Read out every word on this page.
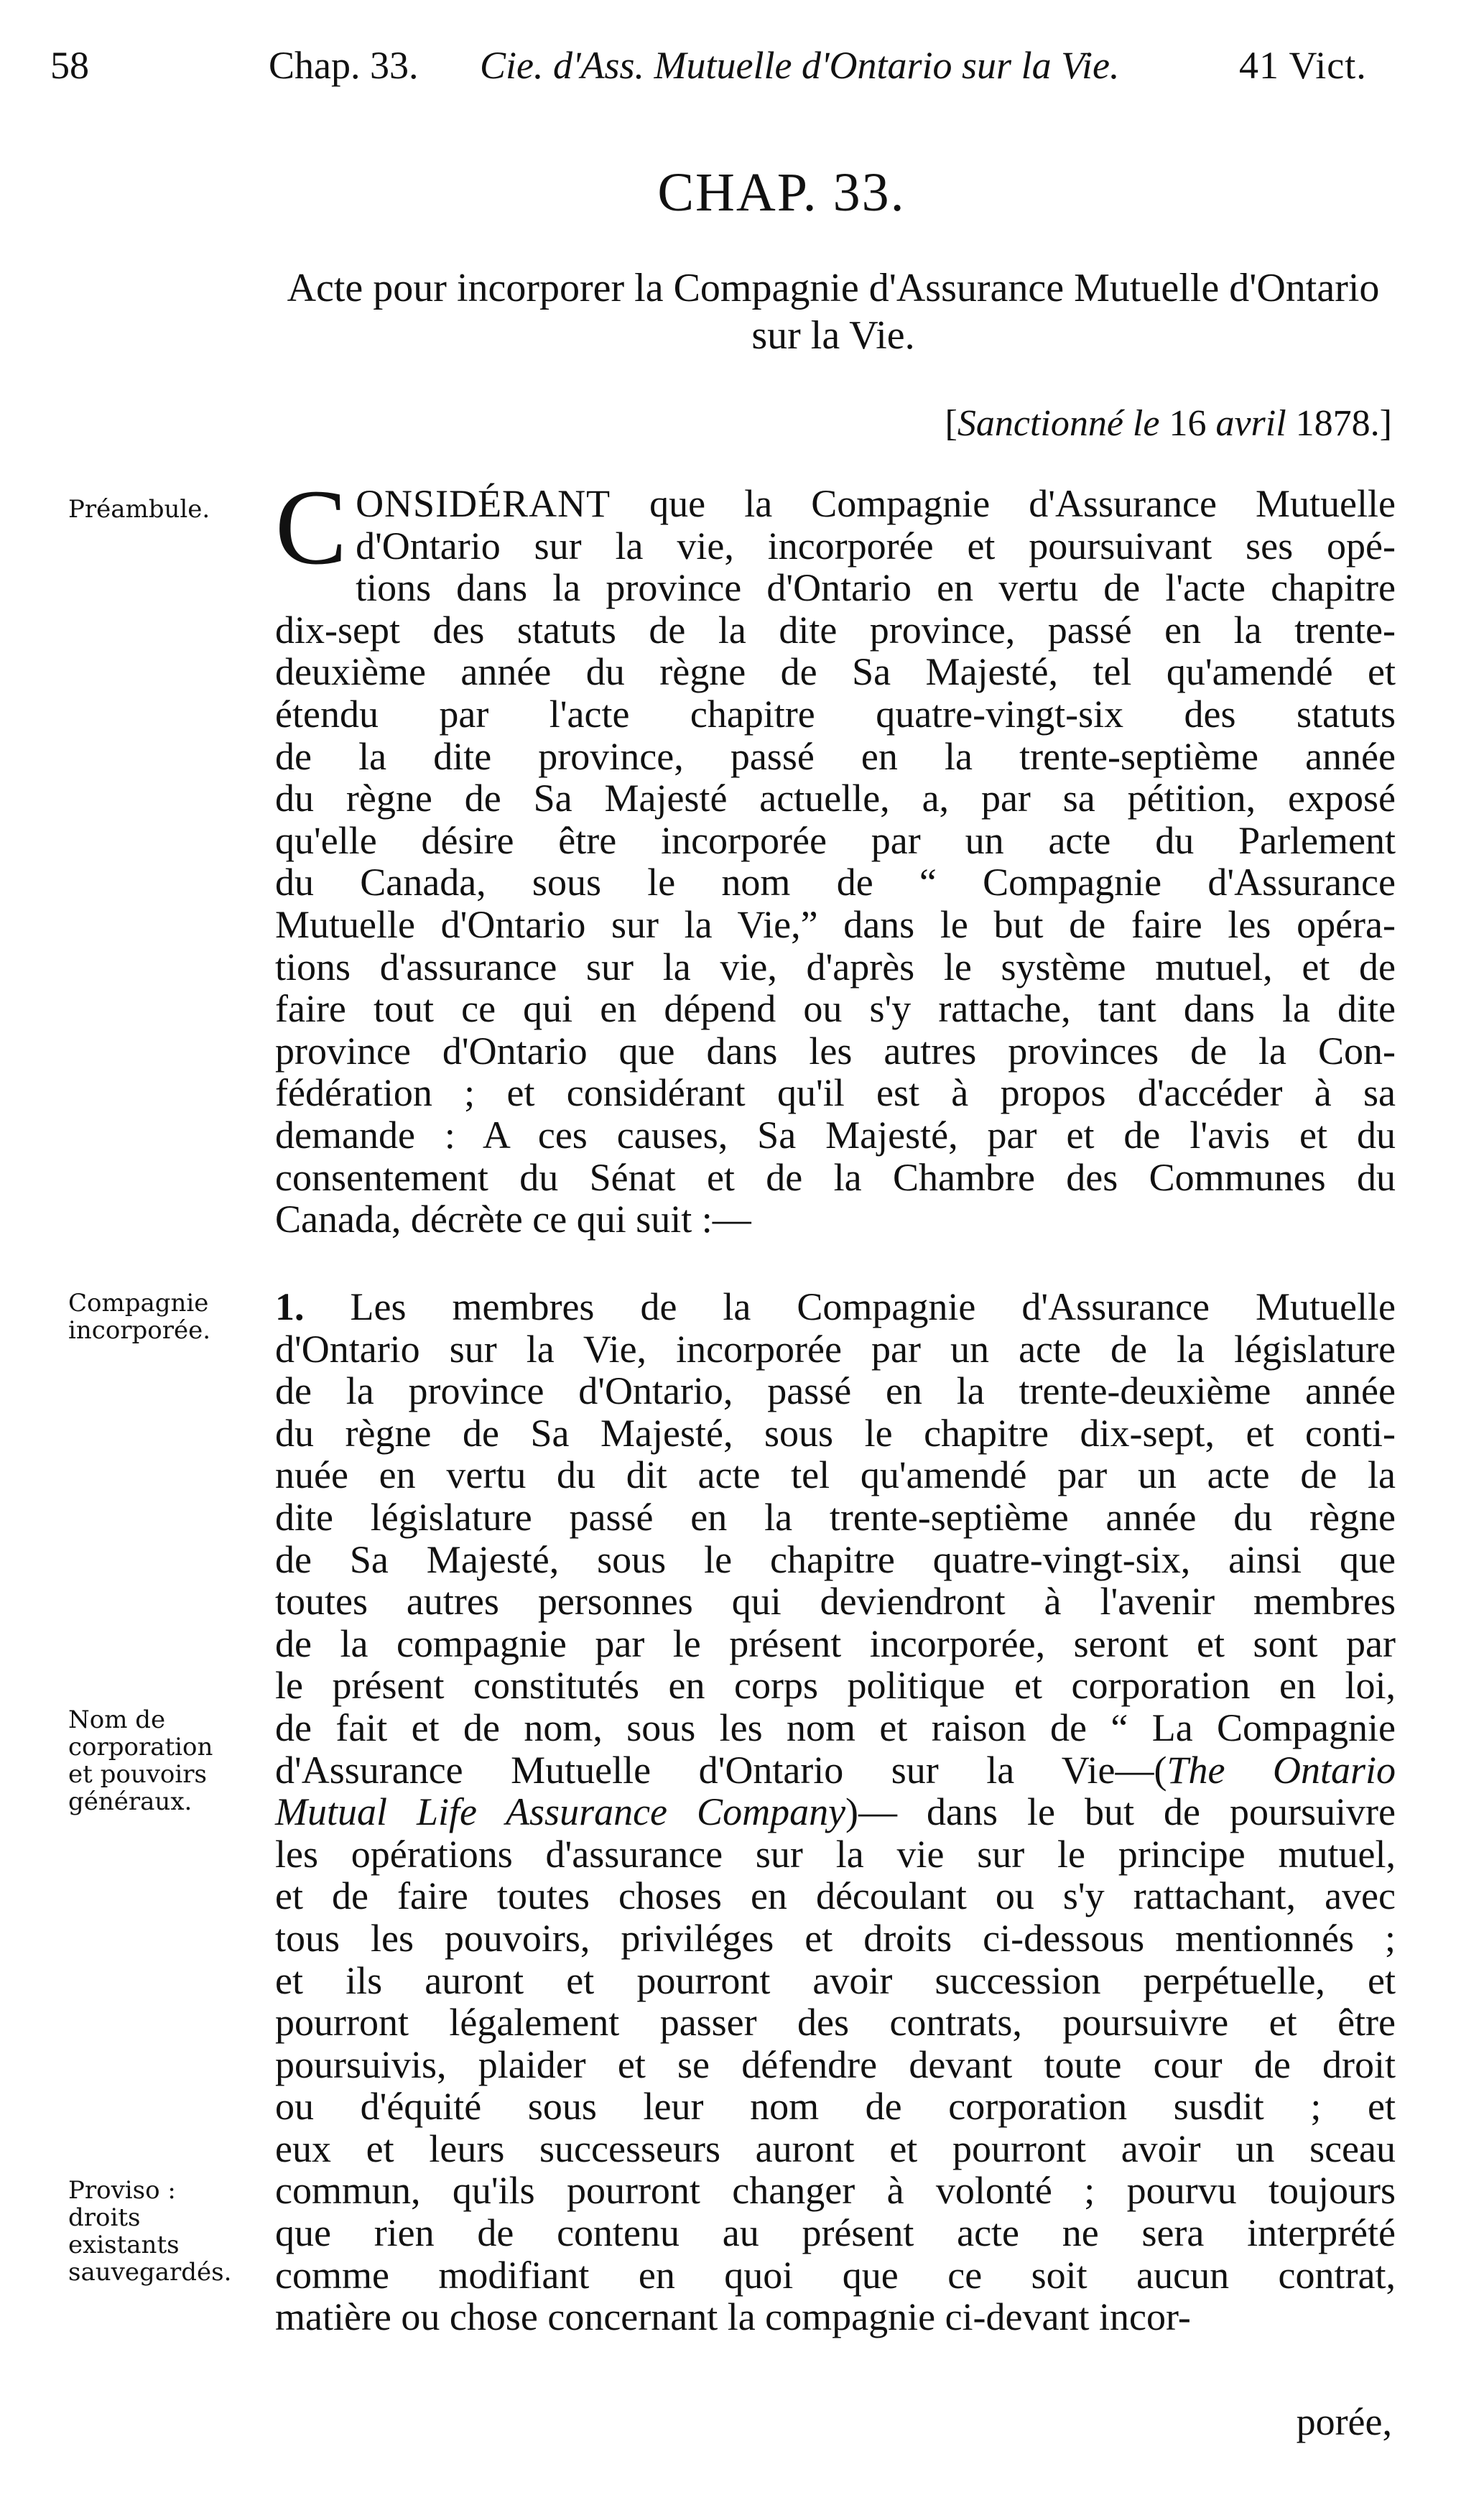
58	Chap. 33. Cie. d'Ass. Mutuelle d'Ontario sur la Vie.	41 Vict.
CHAP. 33.
Acte pour incorporer la Compagnie d'Assurance Mutuelle d'Ontario sur la Vie.
[Sanctionné le 16 avril 1878.]
Préambule.
Compagnie incorporée.
Nom de corporation et pouvoirs généraux.
Proviso : droits existants sauvegardés.
C ONSIDÉRANT que la Compagnie d'Assurance Mutuelle
d'Ontario sur la vie, incorporée et poursuivant ses opé-
tions dans la province d'Ontario en vertu de l'acte chapitre
dix-sept des statuts de la dite province, passé en la trente-
deuxième année du règne de Sa Majesté, tel qu'amendé et
étendu par l'acte chapitre quatre-vingt-six des statuts
de la dite province, passé en la trente-septième année
du règne de Sa Majesté actuelle, a, par sa pétition, exposé
qu'elle désire être incorporée par un acte du Parlement
du Canada, sous le nom de “ Compagnie d'Assurance
Mutuelle d'Ontario sur la Vie,” dans le but de faire les opéra-
tions d'assurance sur la vie, d'après le système mutuel, et de
faire tout ce qui en dépend ou s'y rattache, tant dans la dite
province d'Ontario que dans les autres provinces de la Con-
fédération ; et considérant qu'il est à propos d'accéder à sa
demande : A ces causes, Sa Majesté, par et de l'avis et du
consentement du Sénat et de la Chambre des Communes du
Canada, décrète ce qui suit :—
1. Les membres de la Compagnie d'Assurance Mutuelle
d'Ontario sur la Vie, incorporée par un acte de la législature
de la province d'Ontario, passé en la trente-deuxième année
du règne de Sa Majesté, sous le chapitre dix-sept, et conti-
nuée en vertu du dit acte tel qu'amendé par un acte de la
dite législature passé en la trente-septième année du règne
de Sa Majesté, sous le chapitre quatre-vingt-six, ainsi que
toutes autres personnes qui deviendront à l'avenir membres
de la compagnie par le présent incorporée, seront et sont par
le présent constitutés en corps politique et corporation en loi,
de fait et de nom, sous les nom et raison de “ La Compagnie
d'Assurance Mutuelle d'Ontario sur la Vie—(The Ontario
Mutual Life Assurance Company)— dans le but de poursuivre
les opérations d'assurance sur la vie sur le principe mutuel,
et de faire toutes choses en découlant ou s'y rattachant, avec
tous les pouvoirs, priviléges et droits ci-dessous mentionnés ;
et ils auront et pourront avoir succession perpétuelle, et
pourront légalement passer des contrats, poursuivre et être
poursuivis, plaider et se défendre devant toute cour de droit
ou d'équité sous leur nom de corporation susdit ; et
eux et leurs successeurs auront et pourront avoir un sceau
commun, qu'ils pourront changer à volonté ; pourvu toujours
que rien de contenu au présent acte ne sera interprété
comme modifiant en quoi que ce soit aucun contrat,
matière ou chose concernant la compagnie ci-devant incor-
porée,
